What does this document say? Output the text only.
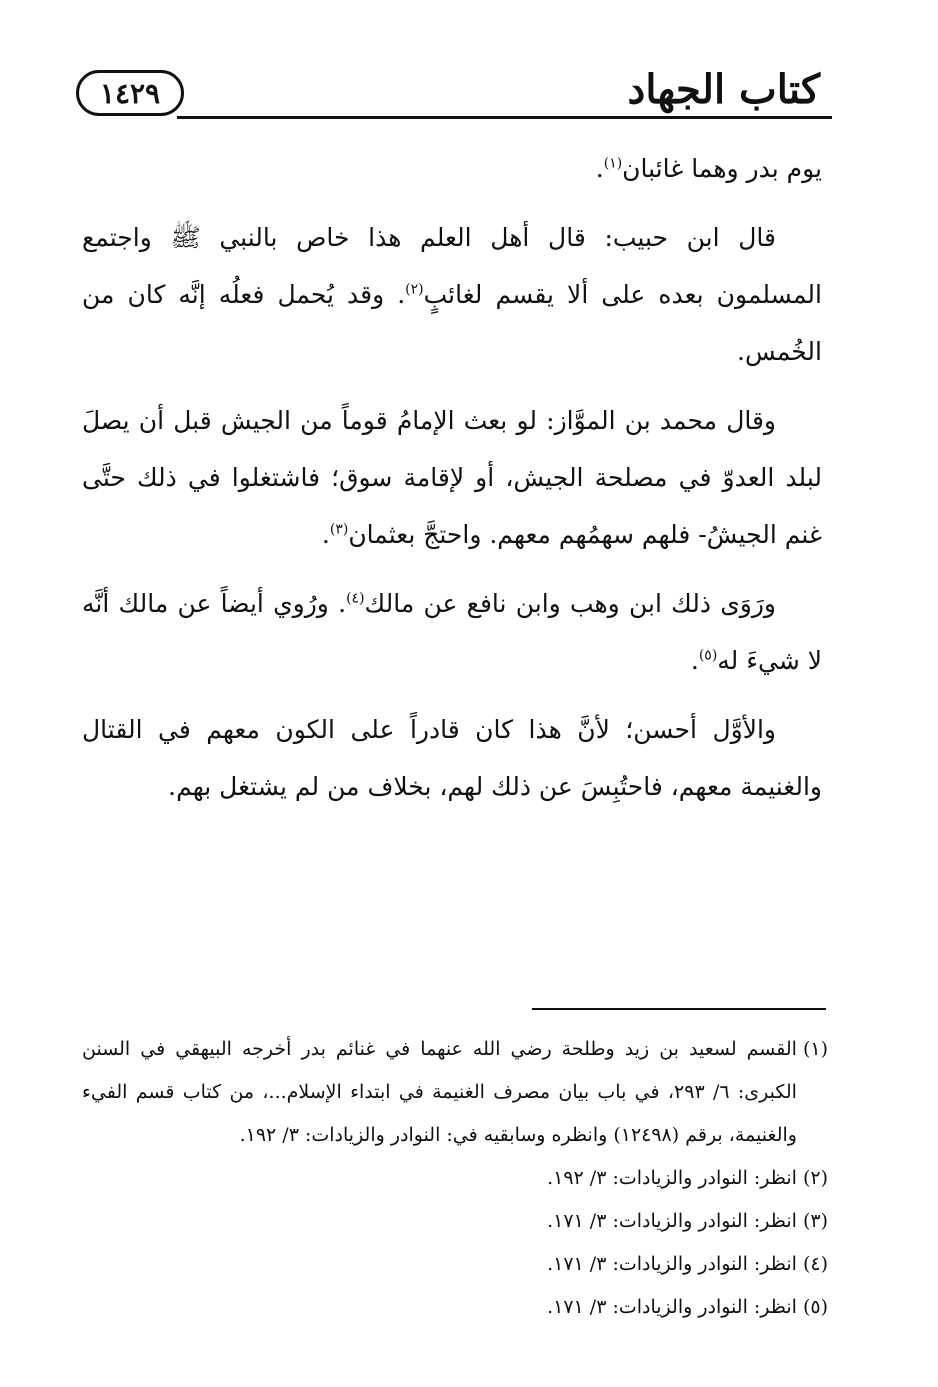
١٤٢٩	كتاب الجهاد

يوم بدر وهما غائبان$^{(١)}$.

قال ابن حبيب: قال أهل العلم هذا خاص بالنبي ﷺ واجتمع المسلمون بعده على ألا يقسم لغائبٍ$^{(٢)}$. وقد يُحمل فعلُه إنَّه كان من الخُمس.

وقال محمد بن الموَّاز: لو بعث الإمامُ قوماً من الجيش قبل أن يصلَ لبلد العدوّ في مصلحة الجيش، أو لإقامة سوق؛ فاشتغلوا في ذلك حتَّى غنم الجيشُ- فلهم سهمُهم معهم. واحتجَّ بعثمان$^{(٣)}$.

ورَوَى ذلك ابن وهب وابن نافع عن مالك$^{(٤)}$. ورُوي أيضاً عن مالك أنَّه لا شيءَ له$^{(٥)}$.

والأوَّل أحسن؛ لأنَّ هذا كان قادراً على الكون معهم في القتال والغنيمة معهم، فاحتُبِسَ عن ذلك لهم، بخلاف من لم يشتغل بهم.

(١)
القسم لسعيد بن زيد وطلحة رضي الله عنهما في غنائم بدر أخرجه البيهقي في السنن الكبرى: ٦/ ٢٩٣، في باب بيان مصرف الغنيمة في ابتداء الإسلام...، من كتاب قسم الفيء والغنيمة، برقم (١٢٤٩٨) وانظره وسابقيه في: النوادر والزيادات: ٣/ ١٩٢.
(٢)
انظر: النوادر والزيادات: ٣/ ١٩٢.
(٣)
انظر: النوادر والزيادات: ٣/ ١٧١.
(٤)
انظر: النوادر والزيادات: ٣/ ١٧١.
(٥)
انظر: النوادر والزيادات: ٣/ ١٧١.
